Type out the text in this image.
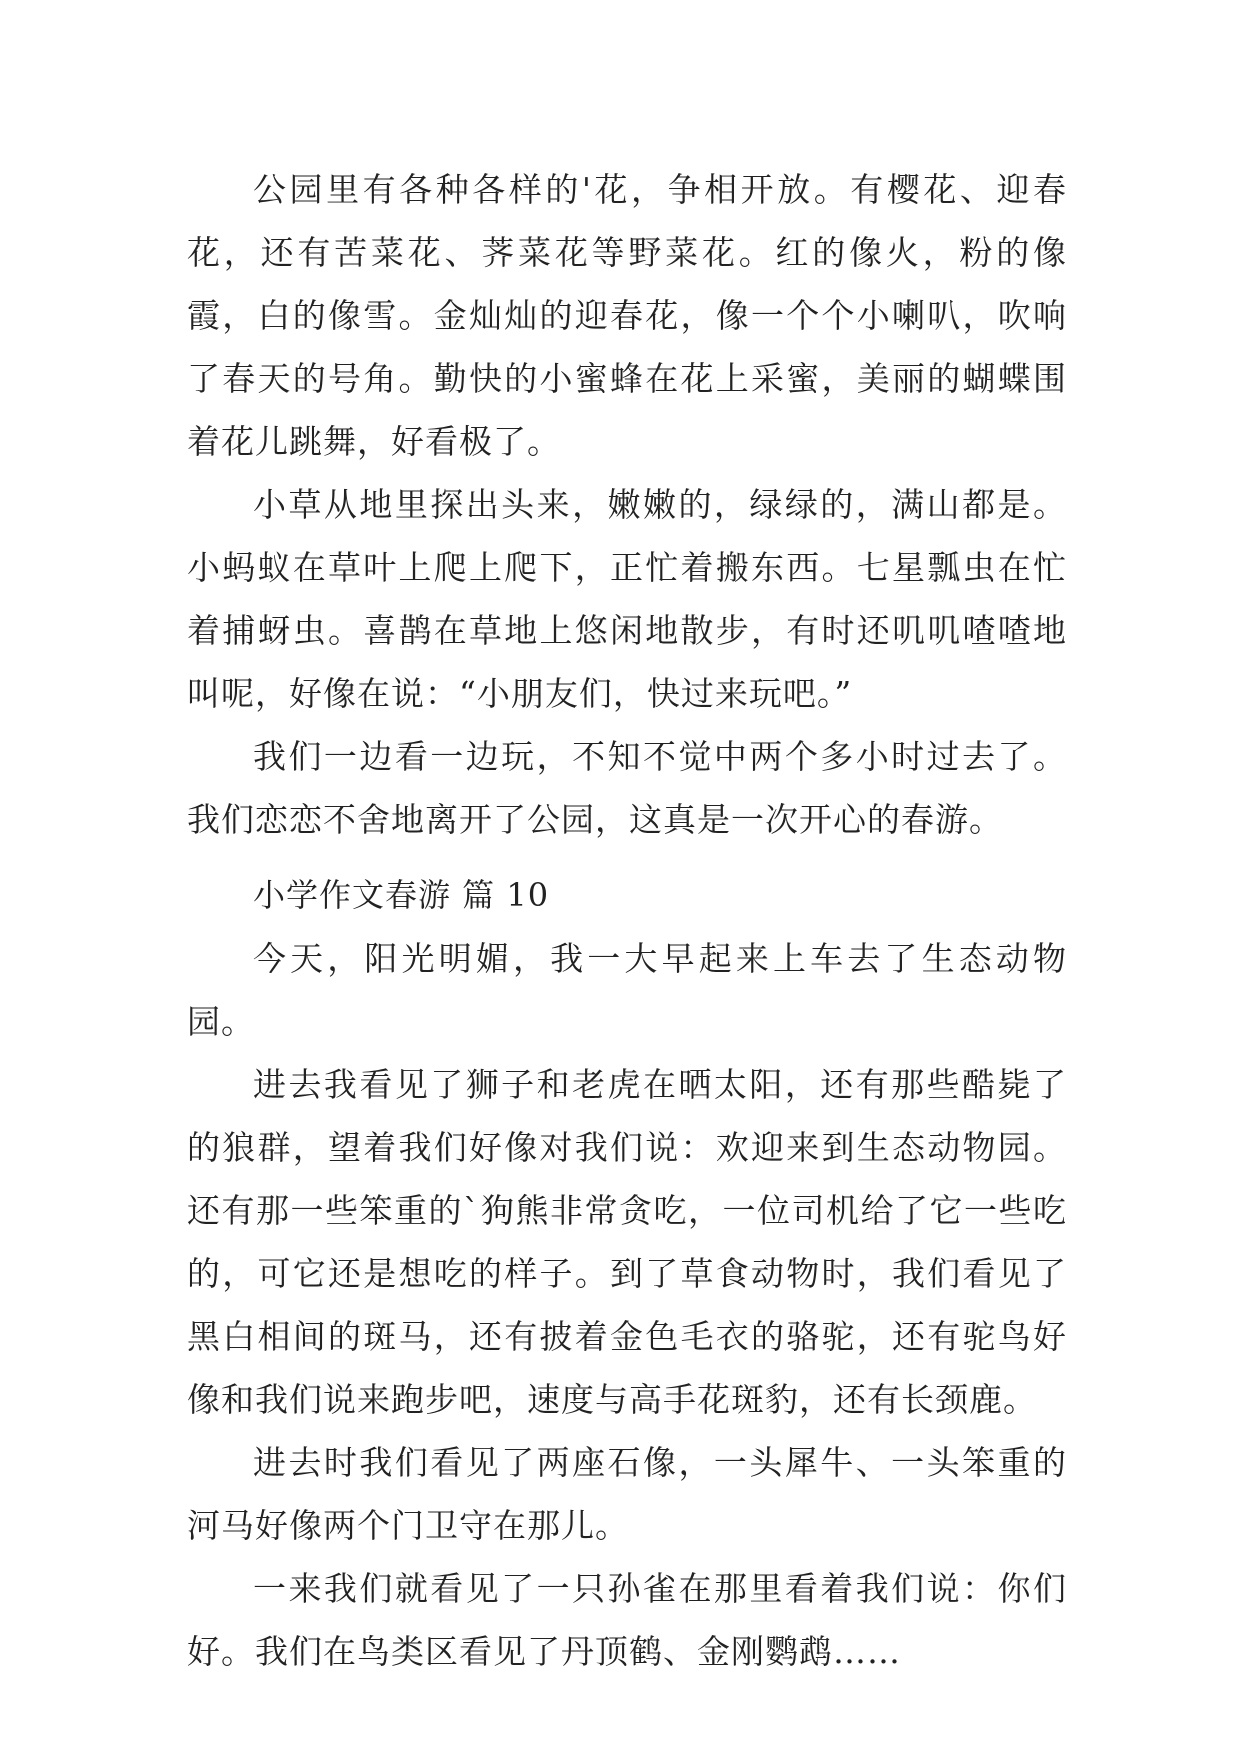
公园里有各种各样的'花，争相开放。有樱花、迎春花，还有苦菜花、荠菜花等野菜花。红的像火，粉的像霞，白的像雪。金灿灿的迎春花，像一个个小喇叭，吹响了春天的号角。勤快的小蜜蜂在花上采蜜，美丽的蝴蝶围着花儿跳舞，好看极了。

小草从地里探出头来，嫩嫩的，绿绿的，满山都是。小蚂蚁在草叶上爬上爬下，正忙着搬东西。七星瓢虫在忙着捕蚜虫。喜鹊在草地上悠闲地散步，有时还叽叽喳喳地叫呢，好像在说：“小朋友们，快过来玩吧。”

我们一边看一边玩，不知不觉中两个多小时过去了。我们恋恋不舍地离开了公园，这真是一次开心的春游。

小学作文春游 篇 10

今天，阳光明媚，我一大早起来上车去了生态动物园。

进去我看见了狮子和老虎在晒太阳，还有那些酷毙了的狼群，望着我们好像对我们说：欢迎来到生态动物园。还有那一些笨重的`狗熊非常贪吃，一位司机给了它一些吃的，可它还是想吃的样子。到了草食动物时，我们看见了黑白相间的斑马，还有披着金色毛衣的骆驼，还有驼鸟好像和我们说来跑步吧，速度与高手花斑豹，还有长颈鹿。

进去时我们看见了两座石像，一头犀牛、一头笨重的河马好像两个门卫守在那儿。

一来我们就看见了一只孙雀在那里看着我们说：你们好。我们在鸟类区看见了丹顶鹤、金刚鹦鹉……
